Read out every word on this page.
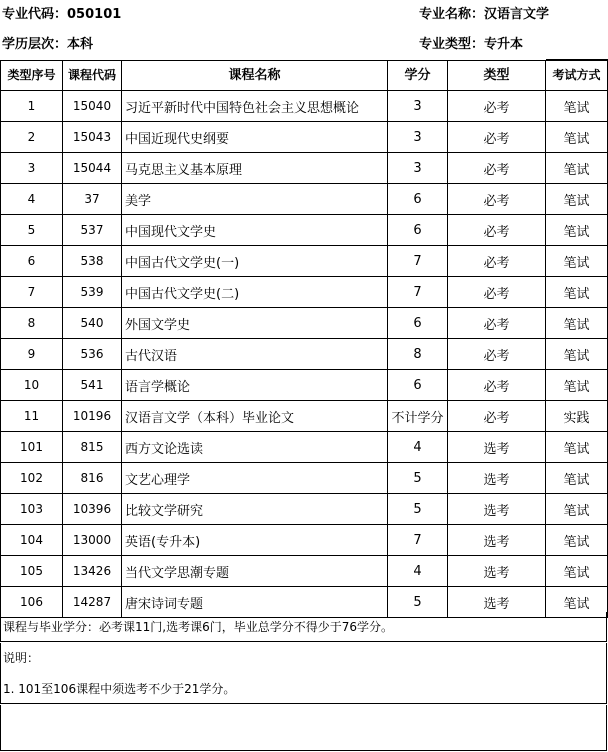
专业代码：050101	专业名称：汉语言文学
学历层次：本科	专业类型：专升本
类型序号	课程代码	课程名称	学分	类型	考试方式
1	15040	习近平新时代中国特色社会主义思想概论	3	必考	笔试
2	15043	中国近现代史纲要	3	必考	笔试
3	15044	马克思主义基本原理	3	必考	笔试
4	37	美学	6	必考	笔试
5	537	中国现代文学史	6	必考	笔试
6	538	中国古代文学史(一)	7	必考	笔试
7	539	中国古代文学史(二)	7	必考	笔试
8	540	外国文学史	6	必考	笔试
9	536	古代汉语	8	必考	笔试
10	541	语言学概论	6	必考	笔试
11	10196	汉语言文学（本科）毕业论文	不计学分	必考	实践
101	815	西方文论选读	4	选考	笔试
102	816	文艺心理学	5	选考	笔试
103	10396	比较文学研究	5	选考	笔试
104	13000	英语(专升本)	7	选考	笔试
105	13426	当代文学思潮专题	4	选考	笔试
106	14287	唐宋诗词专题	5	选考	笔试
课程与毕业学分：必考课11门,选考课6门，毕业总学分不得少于76学分。
说明：
1. 101至106课程中须选考不少于21学分。
